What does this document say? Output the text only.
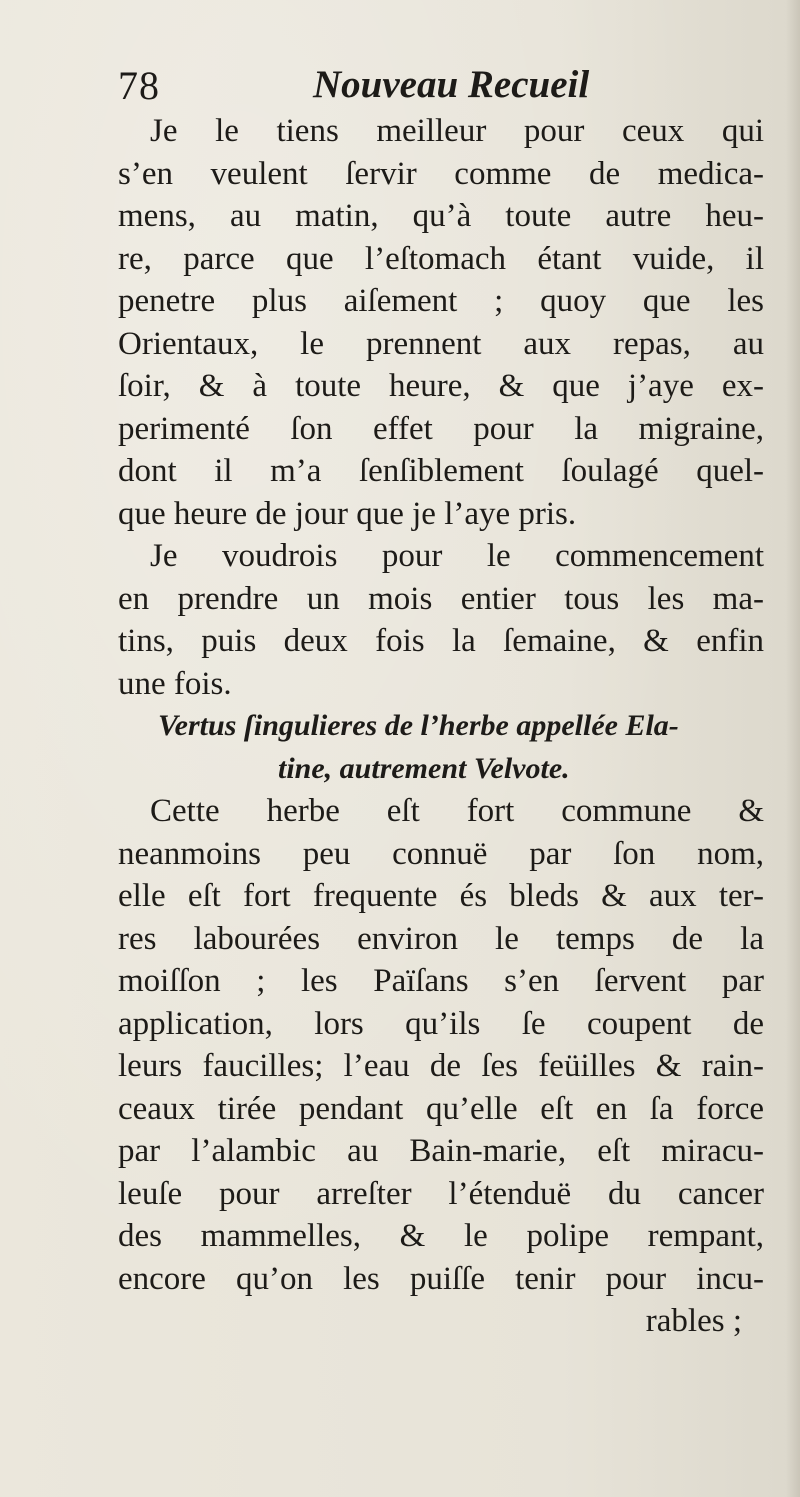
78	Nouveau Recueil
Je le tiens meilleur pour ceux qui
s’en veulent ſervir comme de medica-
mens, au matin, qu’à toute autre heu-
re, parce que l’eſtomach étant vuide, il
penetre plus aiſement ; quoy que les
Orientaux, le prennent aux repas, au
ſoir, & à toute heure, & que j’aye ex-
perimenté ſon effet pour la migraine,
dont il m’a ſenſiblement ſoulagé quel-
que heure de jour que je l’aye pris.
Je voudrois pour le commencement
en prendre un mois entier tous les ma-
tins, puis deux fois la ſemaine, & enfin
une fois.
Vertus ſingulieres de l’herbe appellée Ela-
tine, autrement Velvote.
Cette herbe eſt fort commune &
neanmoins peu connuë par ſon nom,
elle eſt fort frequente és bleds & aux ter-
res labourées environ le temps de la
moiſſon ; les Païſans s’en ſervent par
application, lors qu’ils ſe coupent de
leurs faucilles; l’eau de ſes feüilles & rain-
ceaux tirée pendant qu’elle eſt en ſa force
par l’alambic au Bain-marie, eſt miracu-
leuſe pour arreſter l’étenduë du cancer
des mammelles, & le polipe rempant,
encore qu’on les puiſſe tenir pour incu-
rables ;
